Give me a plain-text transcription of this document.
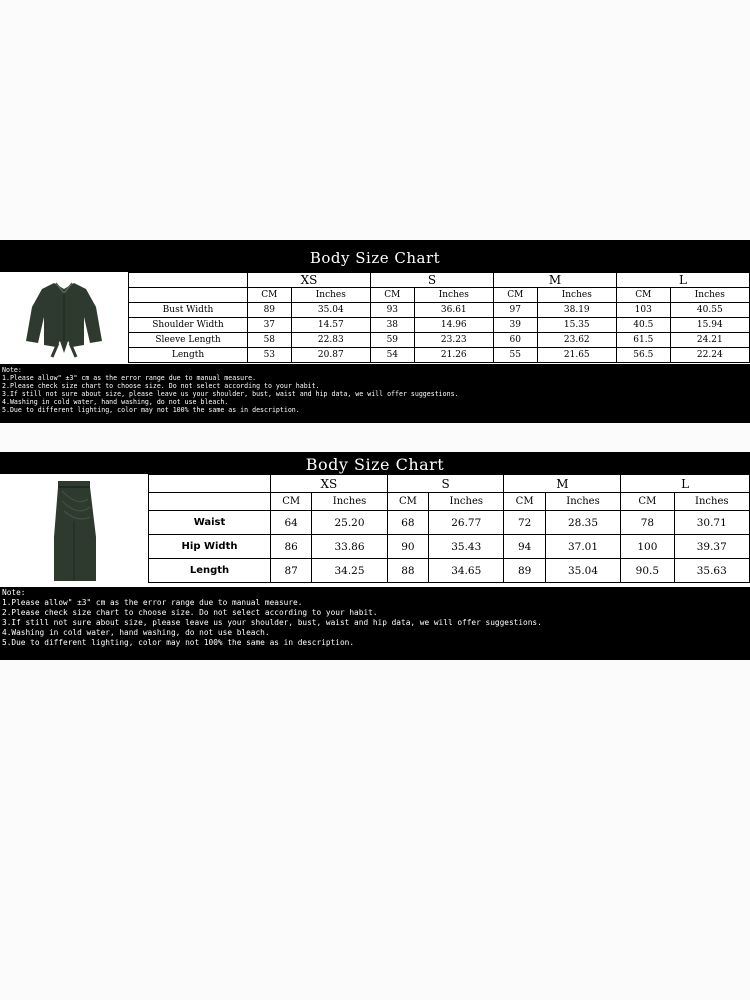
Body Size Chart
	XS		S		M		L	
	CM	Inches	CM	Inches	CM	Inches	CM	Inches
Bust Width	89	35.04	93	36.61	97	38.19	103	40.55
Shoulder Width	37	14.57	38	14.96	39	15.35	40.5	15.94
Sleeve Length	58	22.83	59	23.23	60	23.62	61.5	24.21
Length	53	20.87	54	21.26	55	21.65	56.5	22.24
Note:
1.Please allow" ±3" cm as the error range due to manual measure.
2.Please check size chart to choose size. Do not select according to your habit.
3.If still not sure about size, please leave us your shoulder, bust, waist and hip data, we will offer suggestions.
4.Washing in cold water, hand washing, do not use bleach.
5.Due to different lighting, color may not 100% the same as in description.
Body Size Chart
	XS		S		M		L	
	CM	Inches	CM	Inches	CM	Inches	CM	Inches
Waist	64	25.20	68	26.77	72	28.35	78	30.71
Hip Width	86	33.86	90	35.43	94	37.01	100	39.37
Length	87	34.25	88	34.65	89	35.04	90.5	35.63
Note:
1.Please allow" ±3" cm as the error range due to manual measure.
2.Please check size chart to choose size. Do not select according to your habit.
3.If still not sure about size, please leave us your shoulder, bust, waist and hip data, we will offer suggestions.
4.Washing in cold water, hand washing, do not use bleach.
5.Due to different lighting, color may not 100% the same as in description.
